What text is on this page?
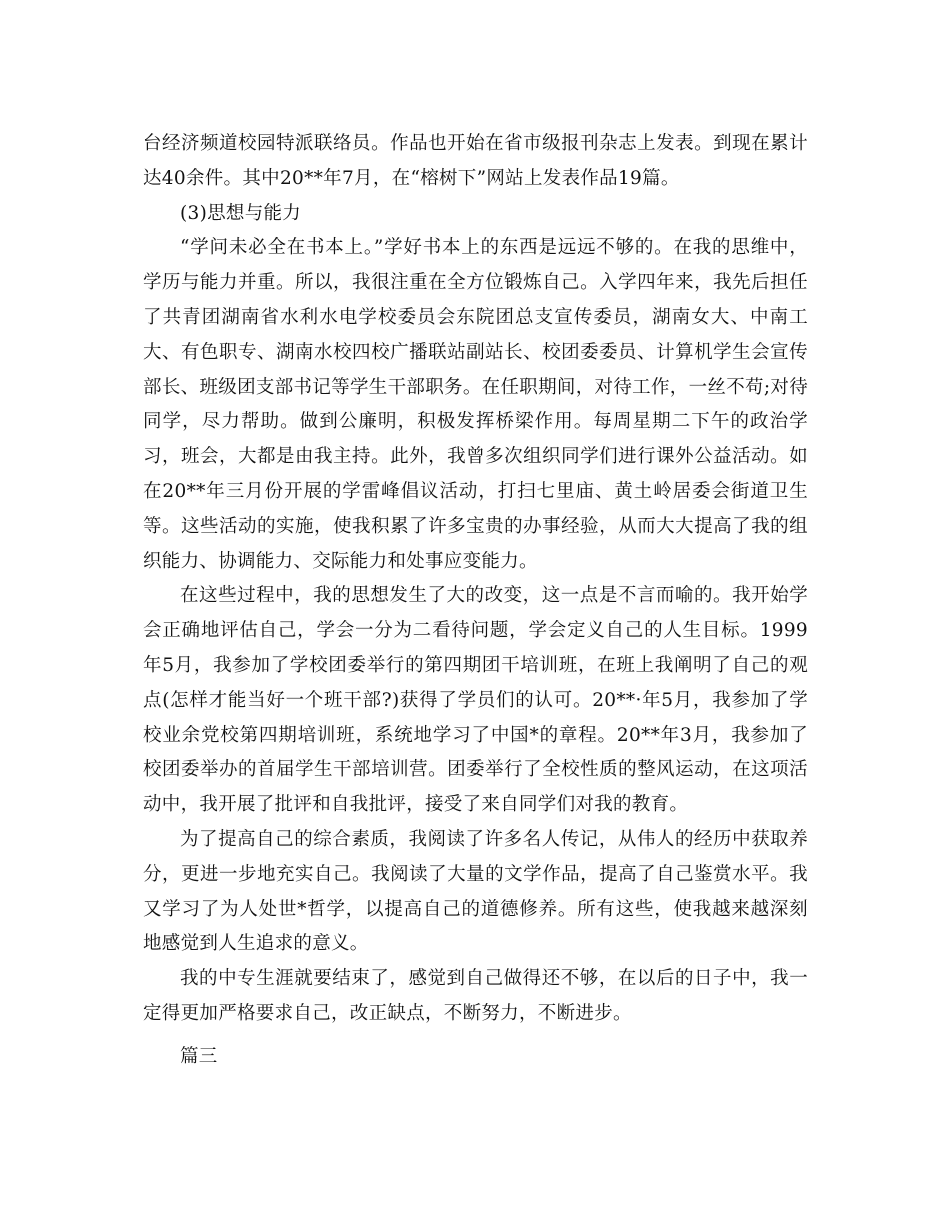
台经济频道校园特派联络员。作品也开始在省市级报刊杂志上发表。到现在累计达40余件。其中20**年7月，在“榕树下”网站上发表作品19篇。

(3)思想与能力

“学问未必全在书本上。”学好书本上的东西是远远不够的。在我的思维中，学历与能力并重。所以，我很注重在全方位锻炼自己。入学四年来，我先后担任了共青团湖南省水利水电学校委员会东院团总支宣传委员，湖南女大、中南工大、有色职专、湖南水校四校广播联站副站长、校团委委员、计算机学生会宣传部长、班级团支部书记等学生干部职务。在任职期间，对待工作，一丝不苟;对待同学，尽力帮助。做到公廉明，积极发挥桥梁作用。每周星期二下午的政治学习，班会，大都是由我主持。此外，我曾多次组织同学们进行课外公益活动。如在20**年三月份开展的学雷峰倡议活动，打扫七里庙、黄土岭居委会街道卫生等。这些活动的实施，使我积累了许多宝贵的办事经验，从而大大提高了我的组织能力、协调能力、交际能力和处事应变能力。

在这些过程中，我的思想发生了大的改变，这一点是不言而喻的。我开始学会正确地评估自己，学会一分为二看待问题，学会定义自己的人生目标。1999年5月，我参加了学校团委举行的第四期团干培训班，在班上我阐明了自己的观点(怎样才能当好一个班干部?)获得了学员们的认可。20**·年5月，我参加了学校业余党校第四期培训班，系统地学习了中国*的章程。20**年3月，我参加了校团委举办的首届学生干部培训营。团委举行了全校性质的整风运动，在这项活动中，我开展了批评和自我批评，接受了来自同学们对我的教育。

为了提高自己的综合素质，我阅读了许多名人传记，从伟人的经历中获取养分，更进一步地充实自己。我阅读了大量的文学作品，提高了自己鉴赏水平。我又学习了为人处世*哲学，以提高自己的道德修养。所有这些，使我越来越深刻地感觉到人生追求的意义。

我的中专生涯就要结束了，感觉到自己做得还不够，在以后的日子中，我一定得更加严格要求自己，改正缺点，不断努力，不断进步。

篇三
